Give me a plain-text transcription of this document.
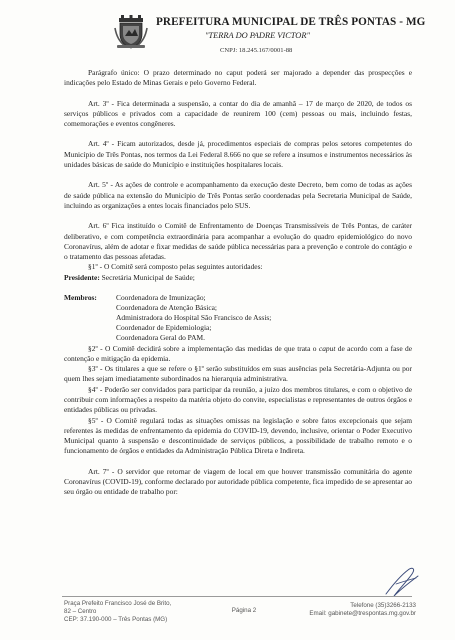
PREFEITURA MUNICIPAL DE TRÊS PONTAS - MG
"TERRA DO PADRE VICTOR"
CNPJ: 18.245.167/0001-88

Parágrafo único: O prazo determinado no caput poderá ser majorado a depender das prospecções e indicações pelo Estado de Minas Gerais e pelo Governo Federal.

Art. 3º - Fica determinada a suspensão, a contar do dia de amanhã – 17 de março de 2020, de todos os serviços públicos e privados com a capacidade de reunirem 100 (cem) pessoas ou mais, incluindo festas, comemorações e eventos congêneres.

Art. 4º - Ficam autorizados, desde já, procedimentos especiais de compras pelos setores competentes do Município de Três Pontas, nos termos da Lei Federal 8.666 no que se refere a insumos e instrumentos necessários às unidades básicas de saúde do Município e instituições hospitalares locais.

Art. 5º - As ações de controle e acompanhamento da execução deste Decreto, bem como de todas as ações de saúde pública na extensão do Município de Três Pontas serão coordenadas pela Secretaria Municipal de Saúde, incluindo as organizações a entes locais financiados pelo SUS.

Art. 6º Fica instituído o Comitê de Enfrentamento de Doenças Transmissíveis de Três Pontas, de caráter deliberativo, e com competência extraordinária para acompanhar a evolução do quadro epidemiológico do novo Coronavírus, além de adotar e fixar medidas de saúde pública necessárias para a prevenção e controle do contágio e o tratamento das pessoas afetadas.

§1º - O Comitê será composto pelas seguintes autoridades:

Presidente: Secretária Municipal de Saúde;

Membros:	Coordenadora de Imunização;
Coordenadora de Atenção Básica;
Administradora do Hospital São Francisco de Assis;
Coordenador de Epidemiologia;
Coordenadora Geral do PAM.

§2º - O Comitê decidirá sobre a implementação das medidas de que trata o caput de acordo com a fase de contenção e mitigação da epidemia.

§3º - Os titulares a que se refere o §1º serão substituídos em suas ausências pela Secretária-Adjunta ou por quem lhes sejam imediatamente subordinados na hierarquia administrativa.

§4º - Poderão ser convidados para participar da reunião, a juízo dos membros titulares, e com o objetivo de contribuir com informações a respeito da matéria objeto do convite, especialistas e representantes de outros órgãos e entidades públicas ou privadas.

§5º - O Comitê regulará todas as situações omissas na legislação e sobre fatos excepcionais que sejam referentes às medidas de enfrentamento da epidemia do COVID-19, devendo, inclusive, orientar o Poder Executivo Municipal quanto à suspensão e descontinuidade de serviços públicos, a possibilidade de trabalho remoto e o funcionamento de órgãos e entidades da Administração Pública Direta e Indireta.

Art. 7º - O servidor que retornar de viagem de local em que houver transmissão comunitária do agente Coronavírus (COVID-19), conforme declarado por autoridade pública competente, fica impedido de se apresentar ao seu órgão ou entidade de trabalho por:

Praça Prefeito Francisco José de Brito,
82 – Centro
CEP: 37.190-000 – Três Pontas (MG)
Página 2
Telefone (35)3266-2133
Email: gabinete@trespontas.mg.gov.br
